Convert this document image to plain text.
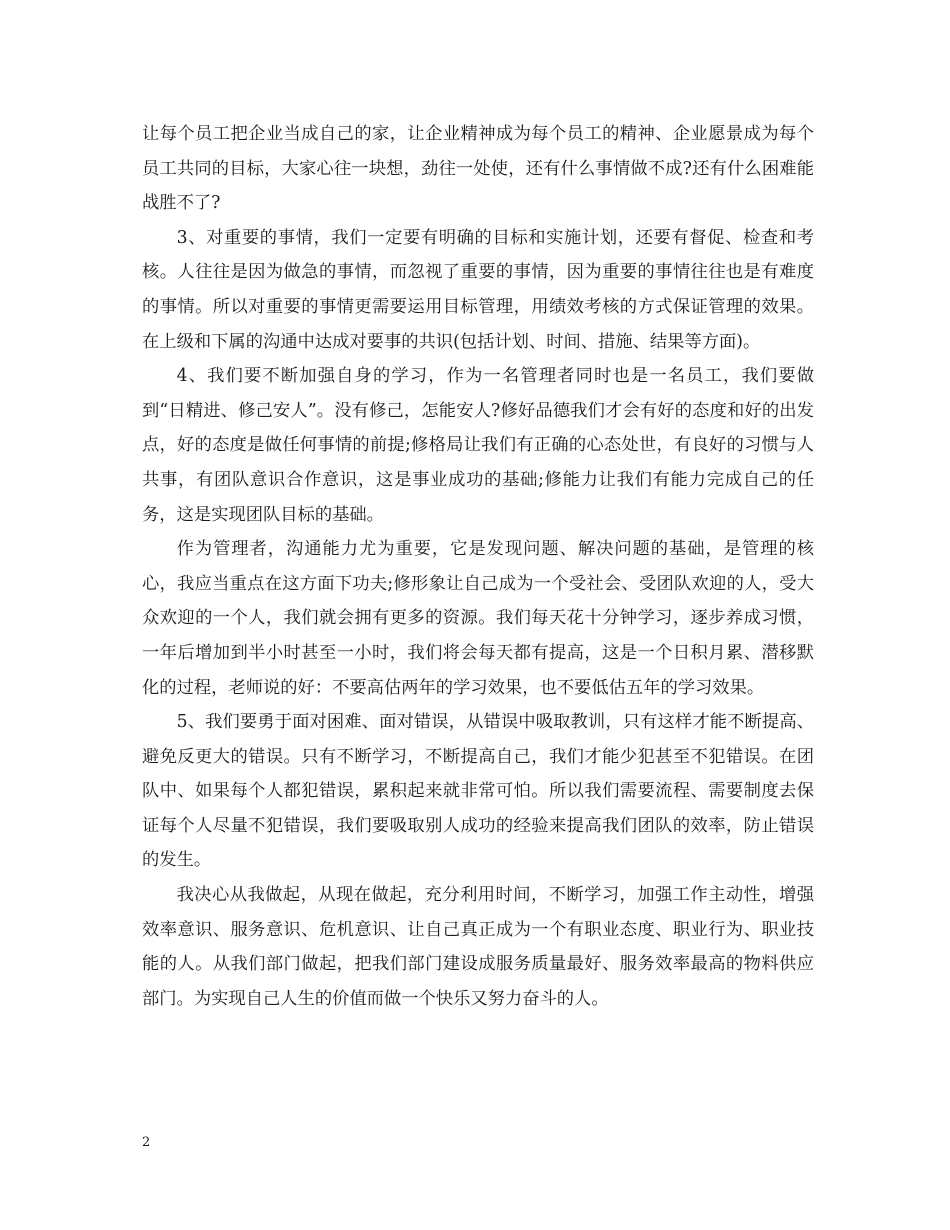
让每个员工把企业当成自己的家，让企业精神成为每个员工的精神、企业愿景成为每个员工共同的目标，大家心往一块想，劲往一处使，还有什么事情做不成?还有什么困难能战胜不了?

3、对重要的事情，我们一定要有明确的目标和实施计划，还要有督促、检查和考核。人往往是因为做急的事情，而忽视了重要的事情，因为重要的事情往往也是有难度的事情。所以对重要的事情更需要运用目标管理，用绩效考核的方式保证管理的效果。在上级和下属的沟通中达成对要事的共识(包括计划、时间、措施、结果等方面)。

4、我们要不断加强自身的学习，作为一名管理者同时也是一名员工，我们要做到“日精进、修己安人”。没有修己，怎能安人?修好品德我们才会有好的态度和好的出发点，好的态度是做任何事情的前提;修格局让我们有正确的心态处世，有良好的习惯与人共事，有团队意识合作意识，这是事业成功的基础;修能力让我们有能力完成自己的任务，这是实现团队目标的基础。

作为管理者，沟通能力尤为重要，它是发现问题、解决问题的基础，是管理的核心，我应当重点在这方面下功夫;修形象让自己成为一个受社会、受团队欢迎的人，受大众欢迎的一个人，我们就会拥有更多的资源。我们每天花十分钟学习，逐步养成习惯，一年后增加到半小时甚至一小时，我们将会每天都有提高，这是一个日积月累、潜移默化的过程，老师说的好：不要高估两年的学习效果，也不要低估五年的学习效果。

5、我们要勇于面对困难、面对错误，从错误中吸取教训，只有这样才能不断提高、避免反更大的错误。只有不断学习，不断提高自己，我们才能少犯甚至不犯错误。在团队中、如果每个人都犯错误，累积起来就非常可怕。所以我们需要流程、需要制度去保证每个人尽量不犯错误，我们要吸取别人成功的经验来提高我们团队的效率，防止错误的发生。

我决心从我做起，从现在做起，充分利用时间，不断学习，加强工作主动性，增强效率意识、服务意识、危机意识、让自己真正成为一个有职业态度、职业行为、职业技能的人。从我们部门做起，把我们部门建设成服务质量最好、服务效率最高的物料供应部门。为实现自己人生的价值而做一个快乐又努力奋斗的人。

2
